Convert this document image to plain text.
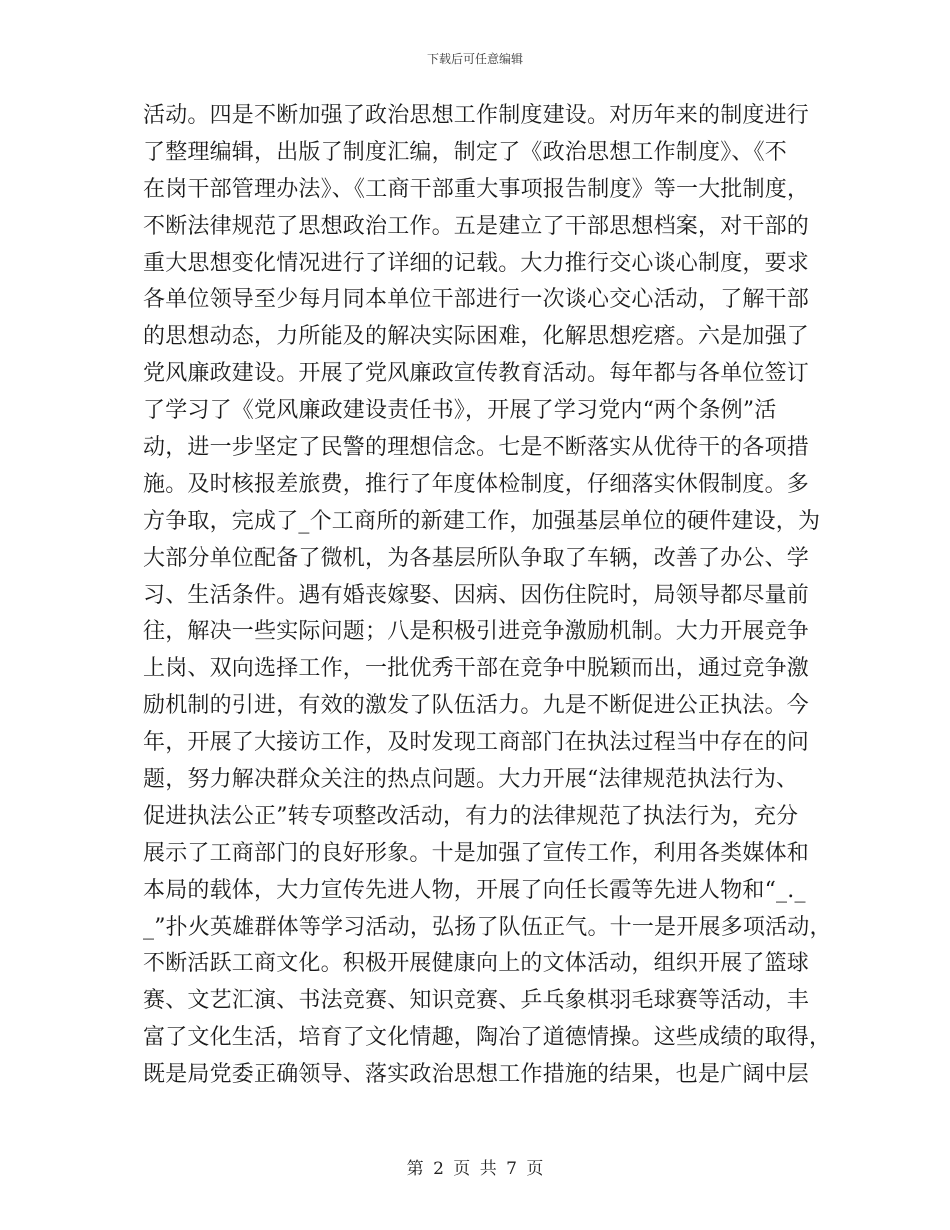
下载后可任意编辑
活动。四是不断加强了政治思想工作制度建设。对历年来的制度进行
了整理编辑，出版了制度汇编，制定了《政治思想工作制度》、《不
在岗干部管理办法》、《工商干部重大事项报告制度》等一大批制度，
不断法律规范了思想政治工作。五是建立了干部思想档案，对干部的
重大思想变化情况进行了详细的记载。大力推行交心谈心制度，要求
各单位领导至少每月同本单位干部进行一次谈心交心活动，了解干部
的思想动态，力所能及的解决实际困难，化解思想疙瘩。六是加强了
党风廉政建设。开展了党风廉政宣传教育活动。每年都与各单位签订
了学习了《党风廉政建设责任书》，开展了学习党内“两个条例”活
动，进一步坚定了民警的理想信念。七是不断落实从优待干的各项措
施。及时核报差旅费，推行了年度体检制度，仔细落实休假制度。多
方争取，完成了_个工商所的新建工作，加强基层单位的硬件建设，为
大部分单位配备了微机，为各基层所队争取了车辆，改善了办公、学
习、生活条件。遇有婚丧嫁娶、因病、因伤住院时，局领导都尽量前
往，解决一些实际问题；八是积极引进竞争激励机制。大力开展竞争
上岗、双向选择工作，一批优秀干部在竞争中脱颖而出，通过竞争激
励机制的引进，有效的激发了队伍活力。九是不断促进公正执法。今
年，开展了大接访工作，及时发现工商部门在执法过程当中存在的问
题，努力解决群众关注的热点问题。大力开展“法律规范执法行为、
促进执法公正”转专项整改活动，有力的法律规范了执法行为，充分
展示了工商部门的良好形象。十是加强了宣传工作，利用各类媒体和
本局的载体，大力宣传先进人物，开展了向任长霞等先进人物和“_._
_”扑火英雄群体等学习活动，弘扬了队伍正气。十一是开展多项活动，
不断活跃工商文化。积极开展健康向上的文体活动，组织开展了篮球
赛、文艺汇演、书法竞赛、知识竞赛、乒乓象棋羽毛球赛等活动，丰
富了文化生活，培育了文化情趣，陶冶了道德情操。这些成绩的取得，
既是局党委正确领导、落实政治思想工作措施的结果，也是广阔中层
第 2 页 共 7 页
